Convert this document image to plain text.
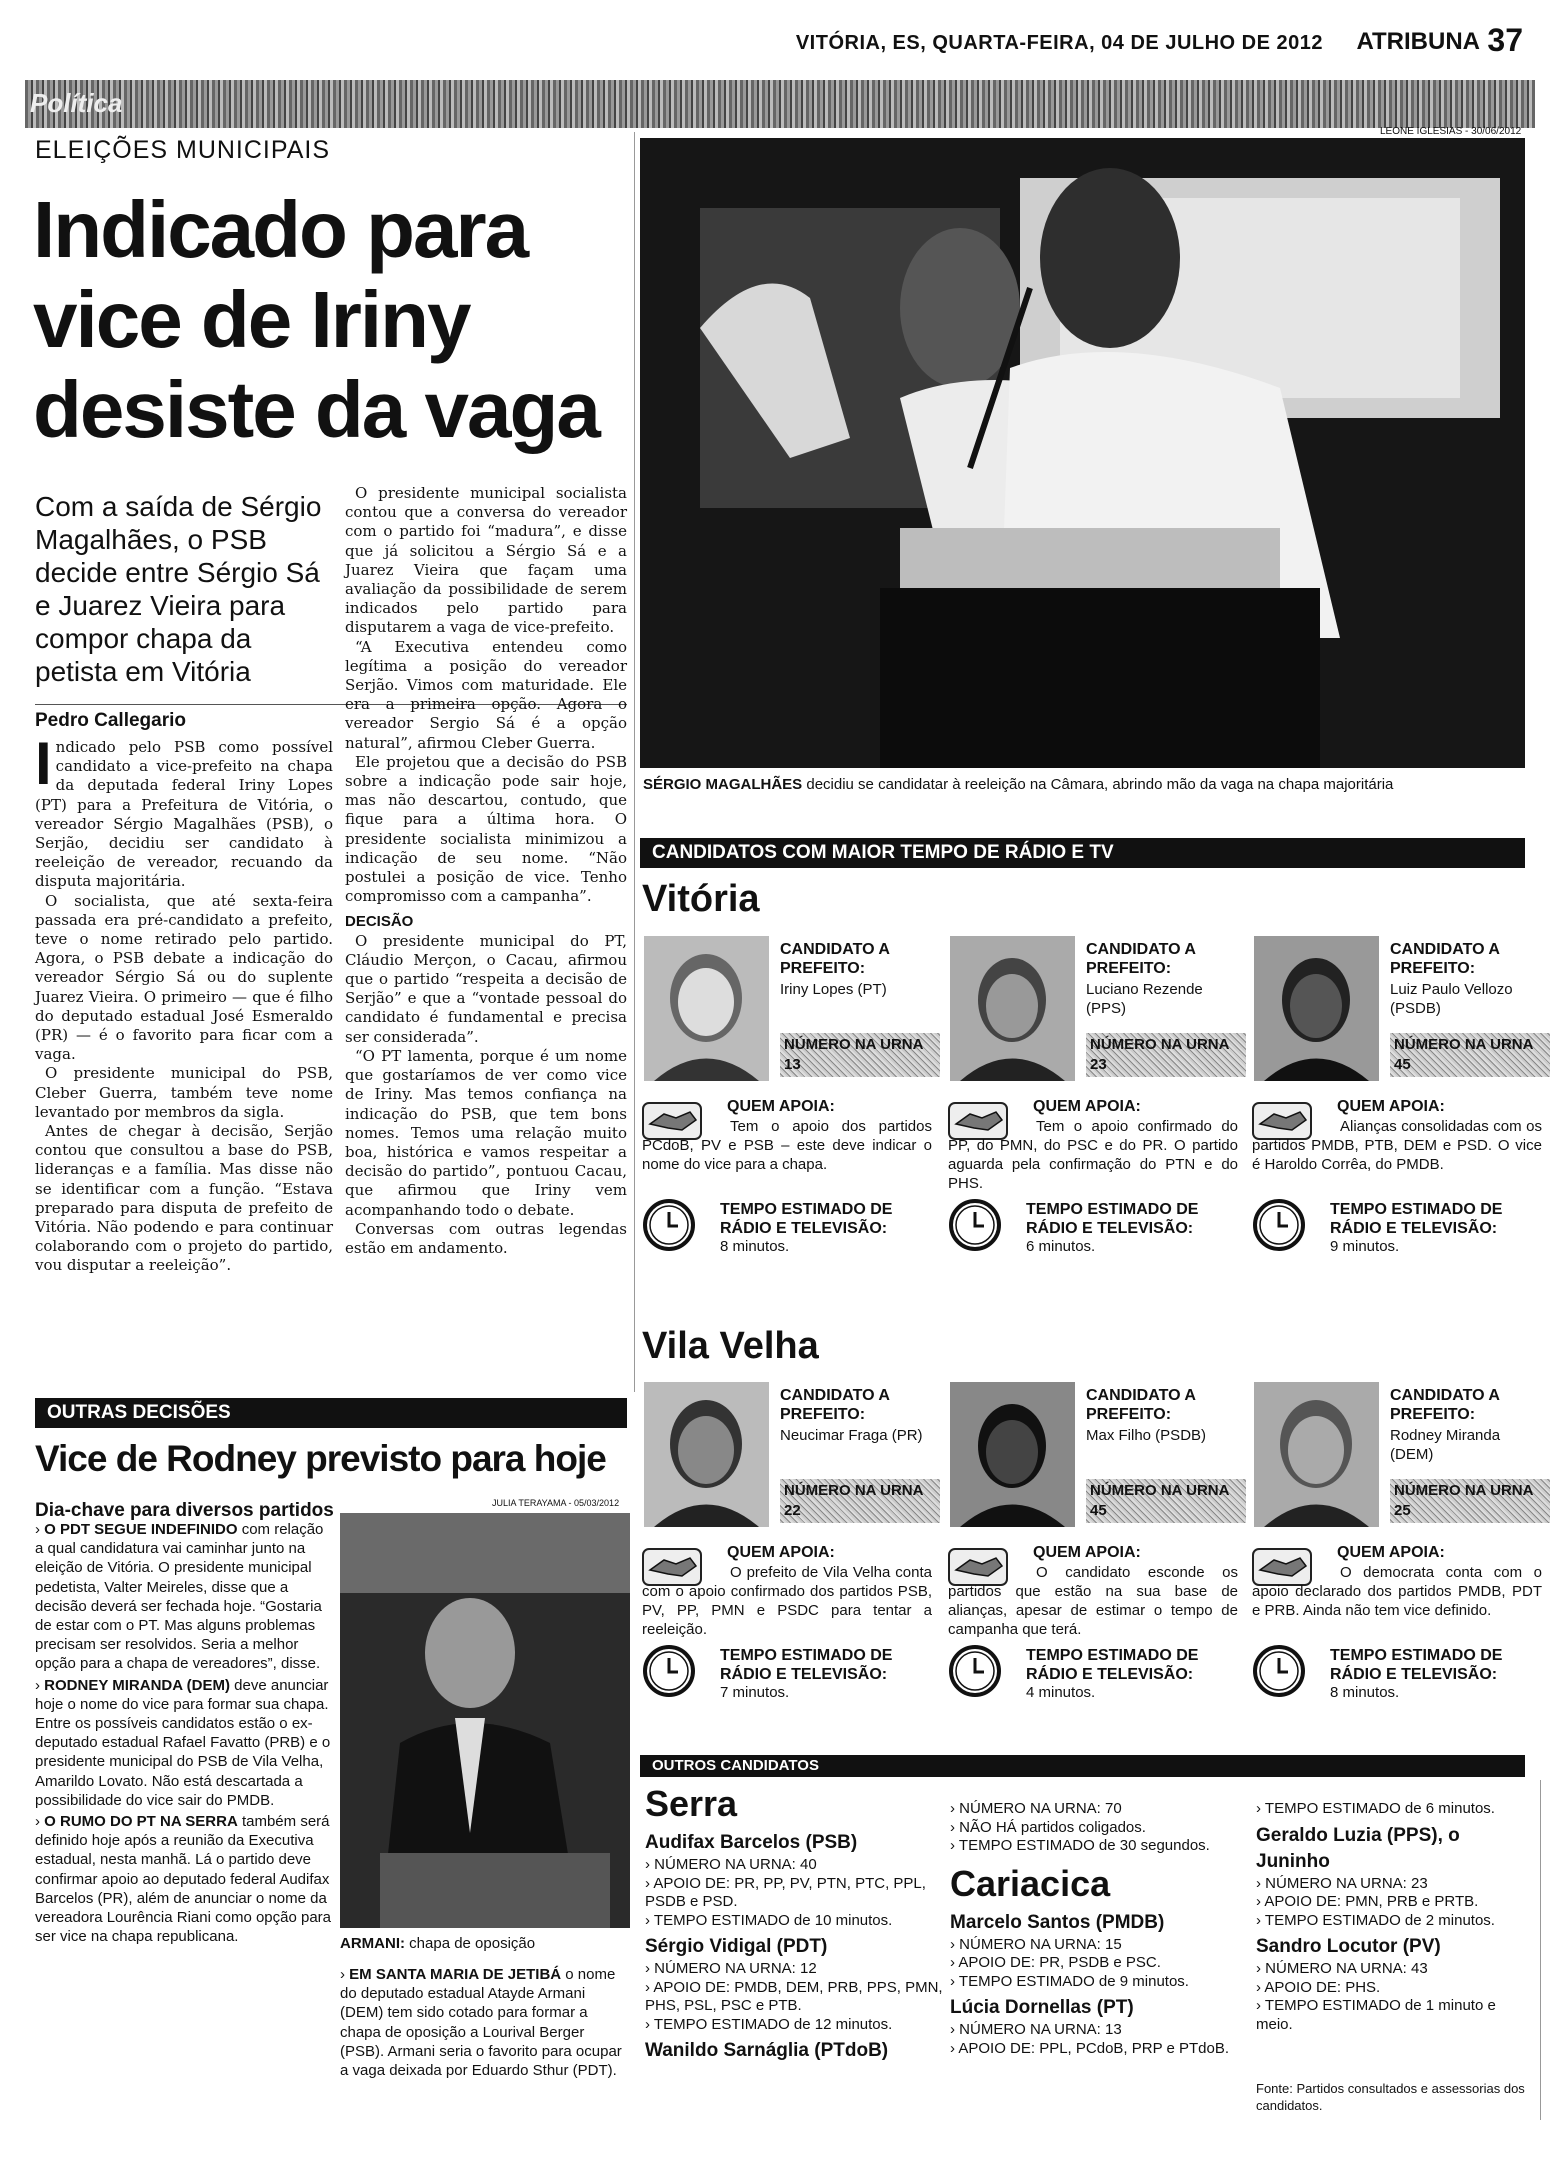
VITÓRIA, ES, QUARTA-FEIRA, 04 DE JULHO DE 2012 ATRIBUNA 37
Política
LEONE IGLESIAS - 30/06/2012
ELEIÇÕES MUNICIPAIS
Indicado para vice de Iriny desiste da vaga
Com a saída de Sérgio Magalhães, o PSB decide entre Sérgio Sá e Juarez Vieira para compor chapa da petista em Vitória
Pedro Callegario
I ndicado pelo PSB como possível candidato a vice-prefeito na chapa da deputada federal Iriny Lopes (PT) para a Prefeitura de Vitória, o vereador Sérgio Magalhães (PSB), o Serjão, decidiu ser candidato à reeleição de vereador, recuando da disputa majoritária.

O socialista, que até sexta-feira passada era pré-candidato a prefeito, teve o nome retirado pelo partido. Agora, o PSB debate a indicação do vereador Sérgio Sá ou do suplente Juarez Vieira. O primeiro — que é filho do deputado estadual José Esmeraldo (PR) — é o favorito para ficar com a vaga.

O presidente municipal do PSB, Cleber Guerra, também teve nome levantado por membros da sigla.

Antes de chegar à decisão, Serjão contou que consultou a base do PSB, lideranças e a família. Mas disse não se identificar com a função. “Estava preparado para disputa de prefeito de Vitória. Não podendo e para continuar colaborando com o projeto do partido, vou disputar a reeleição”.

O presidente municipal socialista contou que a conversa do vereador com o partido foi “madura”, e disse que já solicitou a Sérgio Sá e a Juarez Vieira que façam uma avaliação da possibilidade de serem indicados pelo partido para disputarem a vaga de vice-prefeito.

“A Executiva entendeu como legítima a posição do vereador Serjão. Vimos com maturidade. Ele era a primeira opção. Agora o vereador Sergio Sá é a opção natural”, afirmou Cleber Guerra.

Ele projetou que a decisão do PSB sobre a indicação pode sair hoje, mas não descartou, contudo, que fique para a última hora. O presidente socialista minimizou a indicação de seu nome. “Não postulei a posição de vice. Tenho compromisso com a campanha”.

DECISÃO

O presidente municipal do PT, Cláudio Merçon, o Cacau, afirmou que o partido “respeita a decisão de Serjão” e que a “vontade pessoal do candidato é fundamental e precisa ser considerada”.

“O PT lamenta, porque é um nome que gostaríamos de ver como vice de Iriny. Mas temos confiança na indicação do PSB, que tem bons nomes. Temos uma relação muito boa, histórica e vamos respeitar a decisão do partido”, pontuou Cacau, que afirmou que Iriny vem acompanhando todo o debate.

Conversas com outras legendas estão em andamento.

SÉRGIO MAGALHÃES decidiu se candidatar à reeleição na Câmara, abrindo mão da vaga na chapa majoritária
CANDIDATOS COM MAIOR TEMPO DE RÁDIO E TV
Vitória
CANDIDATO A PREFEITO:
Iriny Lopes (PT)
NÚMERO NA URNA 13
QUEM APOIA:
Tem o apoio dos partidos PCdoB, PV e PSB – este deve indicar o nome do vice para a chapa.
TEMPO ESTIMADO DE RÁDIO E TELEVISÃO:
8 minutos.
CANDIDATO A PREFEITO:
Luciano Rezende (PPS)
NÚMERO NA URNA 23
QUEM APOIA:
Tem o apoio confirmado do PP, do PMN, do PSC e do PR. O partido aguarda pela confirmação do PTN e do PHS.
TEMPO ESTIMADO DE RÁDIO E TELEVISÃO:
6 minutos.
CANDIDATO A PREFEITO:
Luiz Paulo Vellozo (PSDB)
NÚMERO NA URNA 45
QUEM APOIA:
Alianças consolidadas com os partidos PMDB, PTB, DEM e PSD. O vice é Haroldo Corrêa, do PMDB.
TEMPO ESTIMADO DE RÁDIO E TELEVISÃO:
9 minutos.
Vila Velha
CANDIDATO A PREFEITO:
Neucimar Fraga (PR)
NÚMERO NA URNA 22
QUEM APOIA:
O prefeito de Vila Velha conta com o apoio confirmado dos partidos PSB, PV, PP, PMN e PSDC para tentar a reeleição.
TEMPO ESTIMADO DE RÁDIO E TELEVISÃO:
7 minutos.
CANDIDATO A PREFEITO:
Max Filho (PSDB)
NÚMERO NA URNA 45
QUEM APOIA:
O candidato esconde os partidos que estão na sua base de alianças, apesar de estimar o tempo de campanha que terá.
TEMPO ESTIMADO DE RÁDIO E TELEVISÃO:
4 minutos.
CANDIDATO A PREFEITO:
Rodney Miranda (DEM)
NÚMERO NA URNA 25
QUEM APOIA:
O democrata conta com o apoio declarado dos partidos PMDB, PDT e PRB. Ainda não tem vice definido.
TEMPO ESTIMADO DE RÁDIO E TELEVISÃO:
8 minutos.
OUTRAS DECISÕES
Vice de Rodney previsto para hoje
Dia-chave para diversos partidos
› O PDT SEGUE INDEFINIDO com relação a qual candidatura vai caminhar junto na eleição de Vitória. O presidente municipal pedetista, Valter Meireles, disse que a decisão deverá ser fechada hoje. “Gostaria de estar com o PT. Mas alguns problemas precisam ser resolvidos. Seria a melhor opção para a chapa de vereadores”, disse.
› RODNEY MIRANDA (DEM) deve anunciar hoje o nome do vice para formar sua chapa. Entre os possíveis candidatos estão o ex-deputado estadual Rafael Favatto (PRB) e o presidente municipal do PSB de Vila Velha, Amarildo Lovato. Não está descartada a possibilidade do vice sair do PMDB.
› O RUMO DO PT NA SERRA também será definido hoje após a reunião da Executiva estadual, nesta manhã. Lá o partido deve confirmar apoio ao deputado federal Audifax Barcelos (PR), além de anunciar o nome da vereadora Lourência Riani como opção para ser vice na chapa republicana.
JULIA TERAYAMA - 05/03/2012
ARMANI: chapa de oposição
› EM SANTA MARIA DE JETIBÁ o nome do deputado estadual Atayde Armani (DEM) tem sido cotado para formar a chapa de oposição a Lourival Berger (PSB). Armani seria o favorito para ocupar a vaga deixada por Eduardo Sthur (PDT).
OUTROS CANDIDATOS
Serra
Audifax Barcelos (PSB)
› NÚMERO NA URNA: 40
› APOIO DE: PR, PP, PV, PTN, PTC, PPL, PSDB e PSD.
› TEMPO ESTIMADO de 10 minutos.
Sérgio Vidigal (PDT)
› NÚMERO NA URNA: 12
› APOIO DE: PMDB, DEM, PRB, PPS, PMN, PHS, PSL, PSC e PTB.
› TEMPO ESTIMADO de 12 minutos.
Wanildo Sarnáglia (PTdoB)
› NÚMERO NA URNA: 70
› NÃO HÁ partidos coligados.
› TEMPO ESTIMADO de 30 segundos.
Cariacica
Marcelo Santos (PMDB)
› NÚMERO NA URNA: 15
› APOIO DE: PR, PSDB e PSC.
› TEMPO ESTIMADO de 9 minutos.
Lúcia Dornellas (PT)
› NÚMERO NA URNA: 13
› APOIO DE: PPL, PCdoB, PRP e PTdoB.
› TEMPO ESTIMADO de 6 minutos.
Geraldo Luzia (PPS), o Juninho
› NÚMERO NA URNA: 23
› APOIO DE: PMN, PRB e PRTB.
› TEMPO ESTIMADO de 2 minutos.
Sandro Locutor (PV)
› NÚMERO NA URNA: 43
› APOIO DE: PHS.
› TEMPO ESTIMADO de 1 minuto e meio.
Fonte: Partidos consultados e assessorias dos candidatos.
